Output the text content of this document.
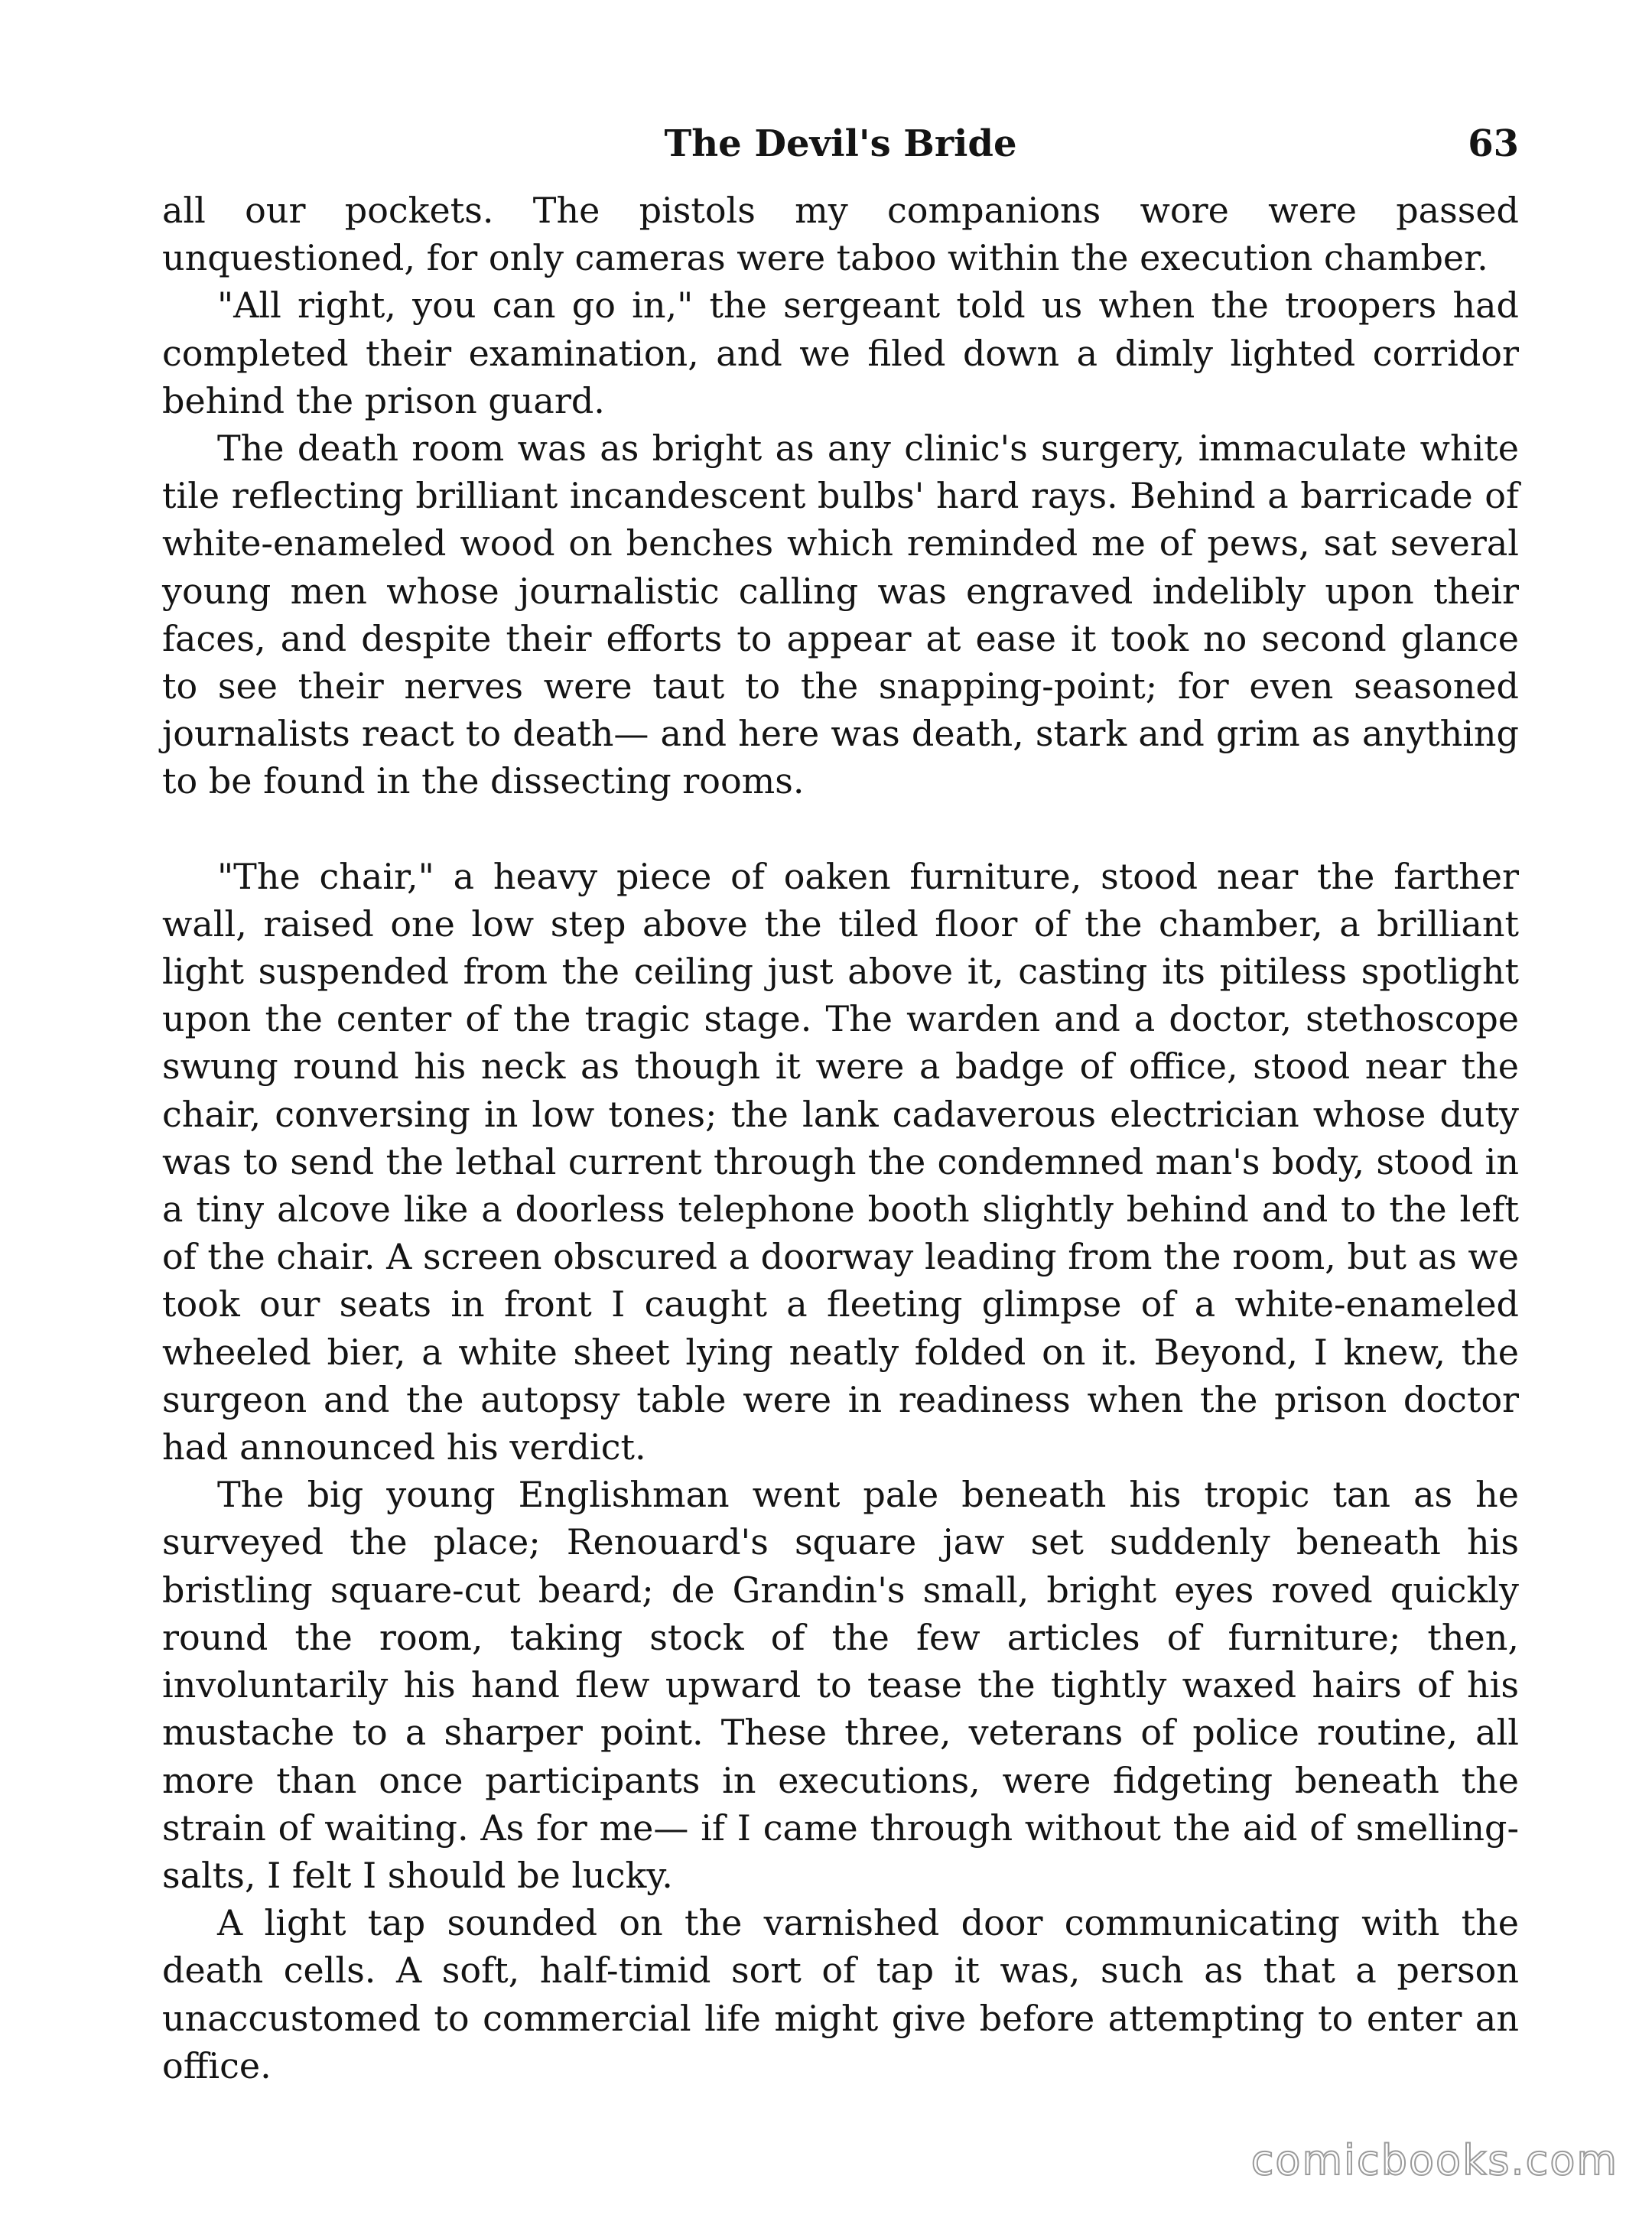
The Devil's Bride	63

all our pockets. The pistols my companions wore were passed unquestioned, for only cameras were taboo within the execution chamber.

"All right, you can go in," the sergeant told us when the troopers had completed their examination, and we filed down a dimly lighted corridor behind the prison guard.

The death room was as bright as any clinic's surgery, immaculate white tile reflecting brilliant incandescent bulbs' hard rays. Behind a barricade of white-enameled wood on benches which reminded me of pews, sat several young men whose journalistic calling was engraved indelibly upon their faces, and despite their efforts to appear at ease it took no second glance to see their nerves were taut to the snapping-point; for even seasoned journalists react to death— and here was death, stark and grim as anything to be found in the dissecting rooms.

"The chair," a heavy piece of oaken furniture, stood near the farther wall, raised one low step above the tiled floor of the chamber, a brilliant light suspended from the ceiling just above it, casting its pitiless spotlight upon the center of the tragic stage. The warden and a doctor, stethoscope swung round his neck as though it were a badge of office, stood near the chair, conversing in low tones; the lank cadaverous electrician whose duty was to send the lethal current through the condemned man's body, stood in a tiny alcove like a doorless telephone booth slightly behind and to the left of the chair. A screen obscured a doorway leading from the room, but as we took our seats in front I caught a fleeting glimpse of a white-enameled wheeled bier, a white sheet lying neatly folded on it. Beyond, I knew, the surgeon and the autopsy table were in readiness when the prison doctor had announced his verdict.

The big young Englishman went pale beneath his tropic tan as he surveyed the place; Renouard's square jaw set suddenly beneath his bristling square-cut beard; de Grandin's small, bright eyes roved quickly round the room, taking stock of the few articles of furniture; then, involuntarily his hand flew upward to tease the tightly waxed hairs of his mustache to a sharper point. These three, veterans of police routine, all more than once participants in executions, were fidgeting beneath the strain of waiting. As for me— if I came through without the aid of smelling-salts, I felt I should be lucky.

A light tap sounded on the varnished door communicating with the death cells. A soft, half-timid sort of tap it was, such as that a person unaccustomed to commercial life might give before attempting to enter an office.

comicbooks.com
